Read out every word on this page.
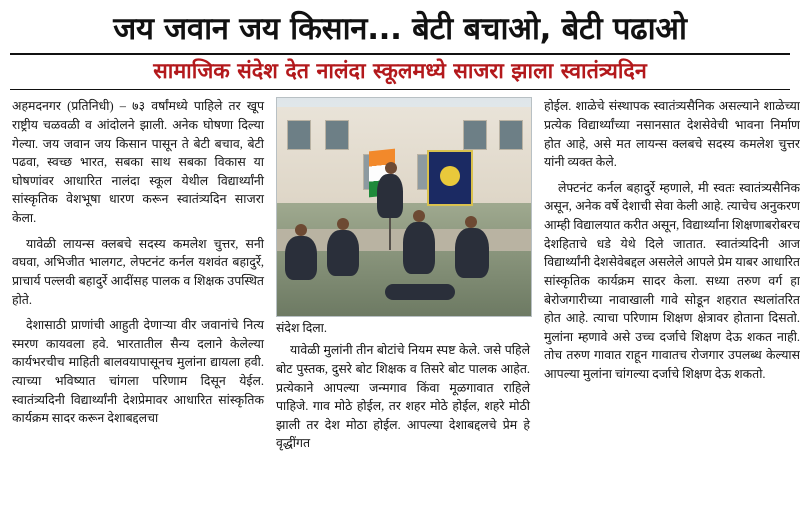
जय जवान जय किसान... बेटी बचाओ, बेटी पढाओ
सामाजिक संदेश देत नालंदा स्कूलमध्ये साजरा झाला स्वातंत्र्यदिन

अहमदनगर (प्रतिनिधी) – ७३ वर्षांमध्ये पाहिले तर खूप राष्ट्रीय चळवळी व आंदोलने झाली. अनेक घोषणा दिल्या गेल्या. जय जवान जय किसान पासून ते बेटी बचाव, बेटी पढवा, स्वच्छ भारत, सबका साथ सबका विकास या घोषणांवर आधारित नालंदा स्कूल येथील विद्यार्थ्यांनी सांस्कृतिक वेशभूषा धारण करून स्वातंत्र्यदिन साजरा केला.

यावेळी लायन्स क्लबचे सदस्य कमलेश चुत्तर, सनी वघवा, अभिजीत भालगट, लेफ्टनंट कर्नल यशवंत बहादुर्रे, प्राचार्य पल्लवी बहादुर्रे आदींसह पालक व शिक्षक उपस्थित होते.

देशासाठी प्राणांची आहुती देणाऱ्या वीर जवानांचे नित्य स्मरण कायवला हवे. भारतातील सैन्य दलाने केलेल्या कार्यभरचीच माहिती बालवयापासूनच मुलांना द्यायला हवी. त्याच्या भविष्यात चांगला परिणाम दिसून येईल. स्वातंत्र्यदिनी विद्यार्थ्यांनी देशप्रेमावर आधारित सांस्कृतिक कार्यक्रम सादर करून देशाबद्दलचा

संदेश दिला.

यावेळी मुलांनी तीन बोटांचे नियम स्पष्ट केले. जसे पहिले बोट पुस्तक, दुसरे बोट शिक्षक व तिसरे बोट पालक आहेत. प्रत्येकाने आपल्या जन्मगाव किंवा मूळगावात राहिले पाहिजे. गाव मोठे होईल, तर शहर मोठे होईल, शहरे मोठी झाली तर देश मोठा होईल. आपल्या देशाबद्दलचे प्रेम हे वृद्धींगत

होईल. शाळेचे संस्थापक स्वातंत्र्यसैनिक असल्याने शाळेच्या प्रत्येक विद्यार्थ्यांच्या नसानसात देशसेवेची भावना निर्माण होत आहे, असे मत लायन्स क्लबचे सदस्य कमलेश चुत्तर यांनी व्यक्त केले.

लेफ्टनंट कर्नल बहादुर्रे म्हणाले, मी स्वतः स्वातंत्र्यसैनिक असून, अनेक वर्षे देशाची सेवा केली आहे. त्याचेच अनुकरण आम्ही विद्यालयात करीत असून, विद्यार्थ्यांना शिक्षणाबरोबरच देशहिताचे धडे येथे दिले जातात. स्वातंत्र्यदिनी आज विद्यार्थ्यांनी देशसेवेबद्दल असलेले आपले प्रेम याबर आधारित सांस्कृतिक कार्यक्रम सादर केला. सध्या तरुण वर्ग हा बेरोजगारीच्या नावाखाली गावे सोडून शहरात स्थलांतरित होत आहे. त्याचा परिणाम शिक्षण क्षेत्रावर होताना दिसतो. मुलांना म्हणावे असे उच्च दर्जाचे शिक्षण देऊ शकत नाही. तोच तरुण गावात राहून गावातच रोजगार उपलब्ध केल्यास आपल्या मुलांना चांगल्या दर्जाचे शिक्षण देऊ शकतो.
